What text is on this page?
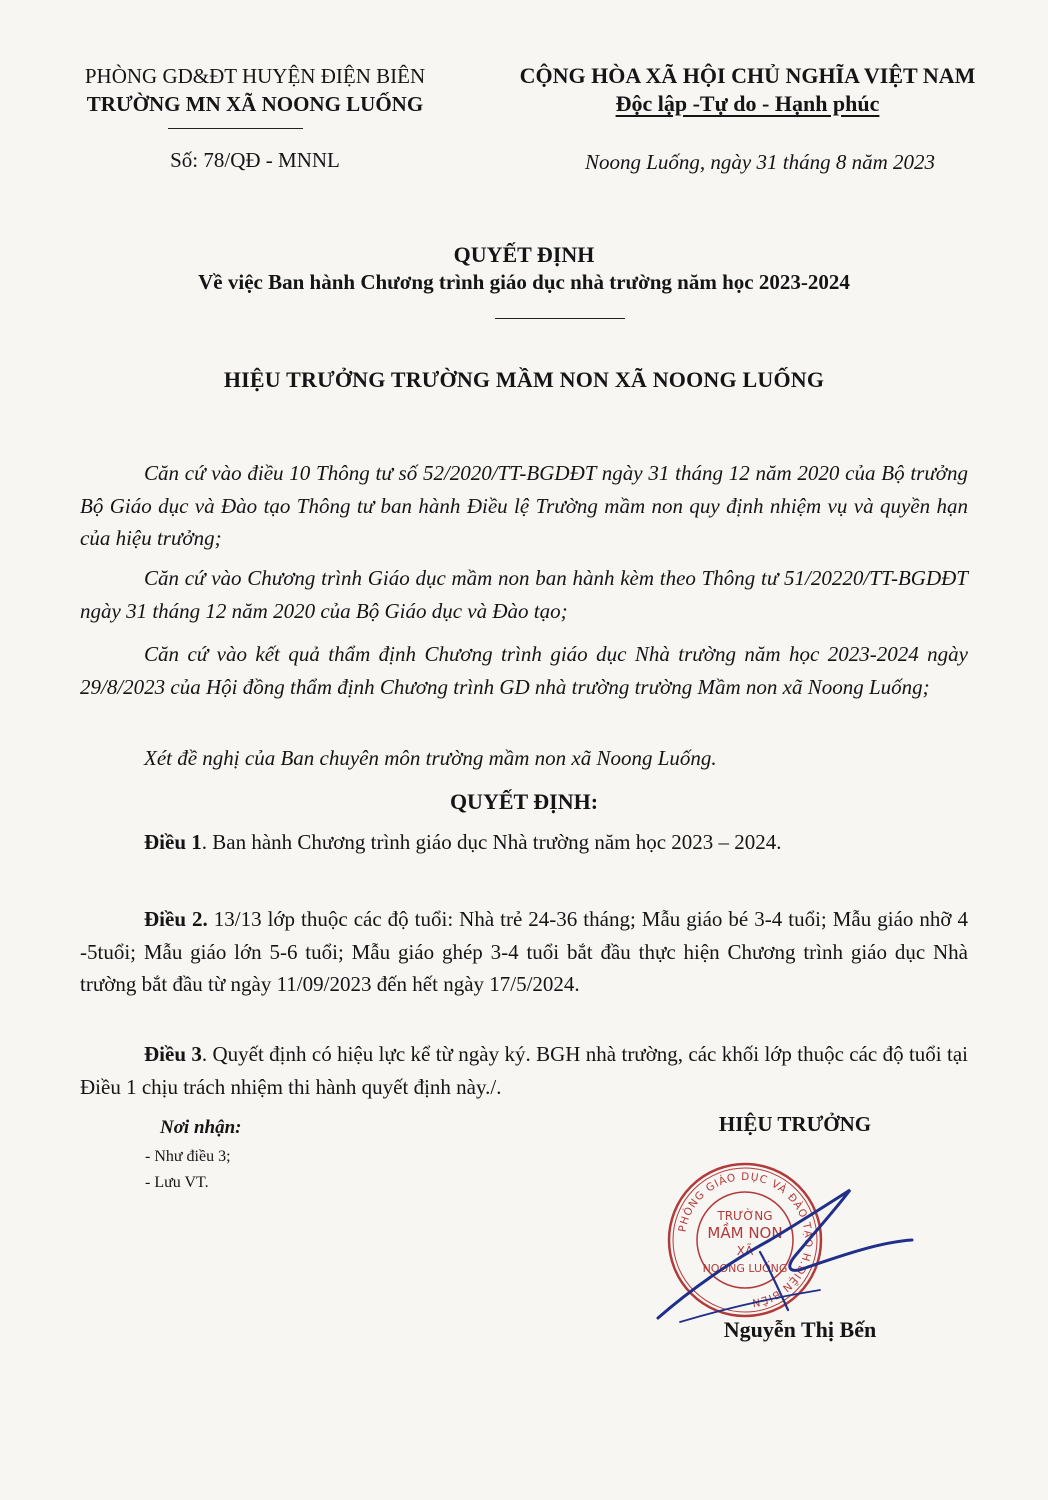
PHÒNG GD&ĐT HUYỆN ĐIỆN BIÊN
TRƯỜNG MN XÃ NOONG LUỐNG
Số: 78/QĐ - MNNL
CỘNG HÒA XÃ HỘI CHỦ NGHĨA VIỆT NAM
Độc lập -Tự do - Hạnh phúc
Noong Luống, ngày 31 tháng 8 năm 2023
QUYẾT ĐỊNH
Về việc Ban hành Chương trình giáo dục nhà trường năm học 2023-2024
HIỆU TRƯỞNG TRƯỜNG MẦM NON XÃ NOONG LUỐNG
Căn cứ vào điều 10 Thông tư số 52/2020/TT-BGDĐT ngày 31 tháng 12 năm 2020 của Bộ trưởng Bộ Giáo dục và Đào tạo Thông tư ban hành Điều lệ Trường mầm non quy định nhiệm vụ và quyền hạn của hiệu trưởng;
Căn cứ vào Chương trình Giáo dục mầm non ban hành kèm theo Thông tư 51/20220/TT-BGDĐT ngày 31 tháng 12 năm 2020 của Bộ Giáo dục và Đào tạo;
Căn cứ vào kết quả thẩm định Chương trình giáo dục Nhà trường năm học 2023-2024 ngày 29/8/2023 của Hội đồng thẩm định Chương trình GD nhà trường trường Mầm non xã Noong Luống;
Xét đề nghị của Ban chuyên môn trường mầm non xã Noong Luống.
QUYẾT ĐỊNH:
Điều 1. Ban hành Chương trình giáo dục Nhà trường năm học 2023 – 2024.
Điều 2. 13/13 lớp thuộc các độ tuổi: Nhà trẻ 24-36 tháng; Mẫu giáo bé 3-4 tuổi; Mẫu giáo nhỡ 4 -5tuổi; Mẫu giáo lớn 5-6 tuổi; Mẫu giáo ghép 3-4 tuổi bắt đầu thực hiện Chương trình giáo dục Nhà trường bắt đầu từ ngày 11/09/2023 đến hết ngày 17/5/2024.
Điều 3. Quyết định có hiệu lực kể từ ngày ký. BGH nhà trường, các khối lớp thuộc các độ tuổi tại Điều 1 chịu trách nhiệm thi hành quyết định này./.
Nơi nhận:
- Như điều 3;
- Lưu VT.
HIỆU TRƯỞNG
PHÒNG GIÁO DỤC VÀ ĐÀO TẠO H.ĐIỆN BIÊN
TRƯỜNG
MẦM NON
XÃ
NOONG LUỐNG
Nguyễn Thị Bến
